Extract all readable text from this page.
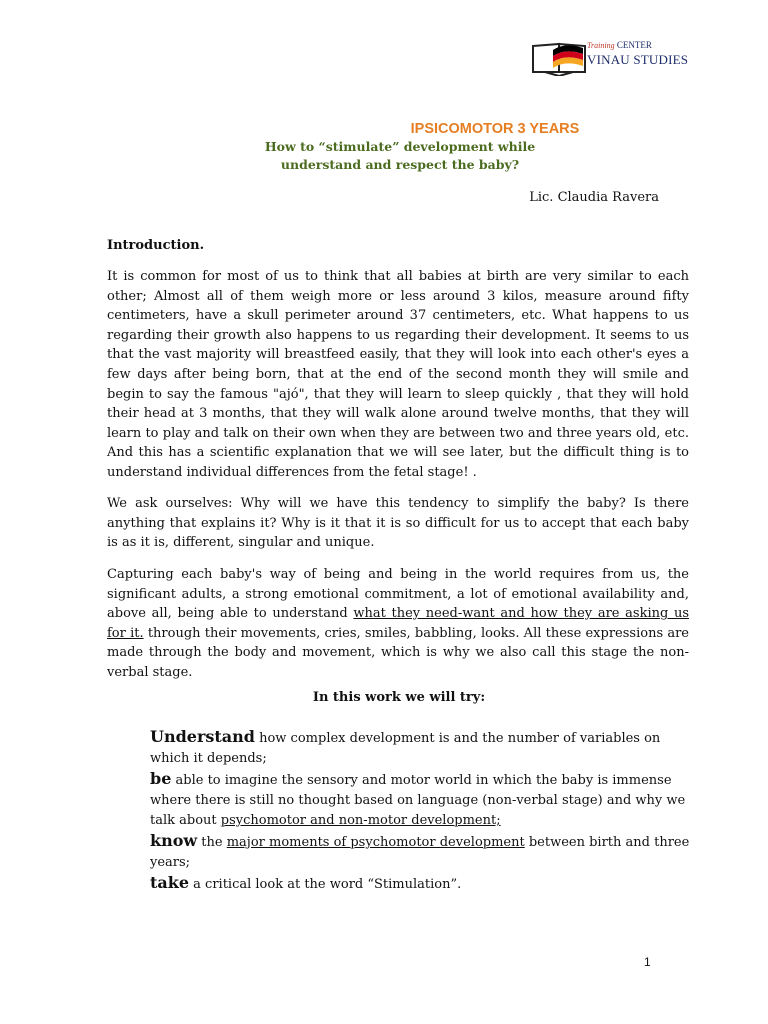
Training CENTER
VINAU STUDIES
IPSICOMOTOR 3 YEARS
How to “stimulate” development while
understand and respect the baby?
Lic. Claudia Ravera
Introduction.
It is common for most of us to think that all babies at birth are very similar to each other; Almost all of them weigh more or less around 3 kilos, measure around fifty centimeters, have a skull perimeter around 37 centimeters, etc. What happens to us regarding their growth also happens to us regarding their development. It seems to us that the vast majority will breastfeed easily, that they will look into each other's eyes a few days after being born, that at the end of the second month they will smile and begin to say the famous "ajó", that they will learn to sleep quickly , that they will hold their head at 3 months, that they will walk alone around twelve months, that they will learn to play and talk on their own when they are between two and three years old, etc. And this has a scientific explanation that we will see later, but the difficult thing is to understand individual differences from the fetal stage! .
We ask ourselves: Why will we have this tendency to simplify the baby? Is there anything that explains it? Why is it that it is so difficult for us to accept that each baby is as it is, different, singular and unique.
Capturing each baby's way of being and being in the world requires from us, the significant adults, a strong emotional commitment, a lot of emotional availability and, above all, being able to understand what they need-want and how they are asking us for it. through their movements, cries, smiles, babbling, looks. All these expressions are made through the body and movement, which is why we also call this stage the non-verbal stage.
In this work we will try:

Understand how complex development is and the number of variables on which it depends;

be able to imagine the sensory and motor world in which the baby is immense where there is still no thought based on language (non-verbal stage) and why we talk about psychomotor and non-motor development;

know the major moments of psychomotor development between birth and three years;

take a critical look at the word “Stimulation”.

1
